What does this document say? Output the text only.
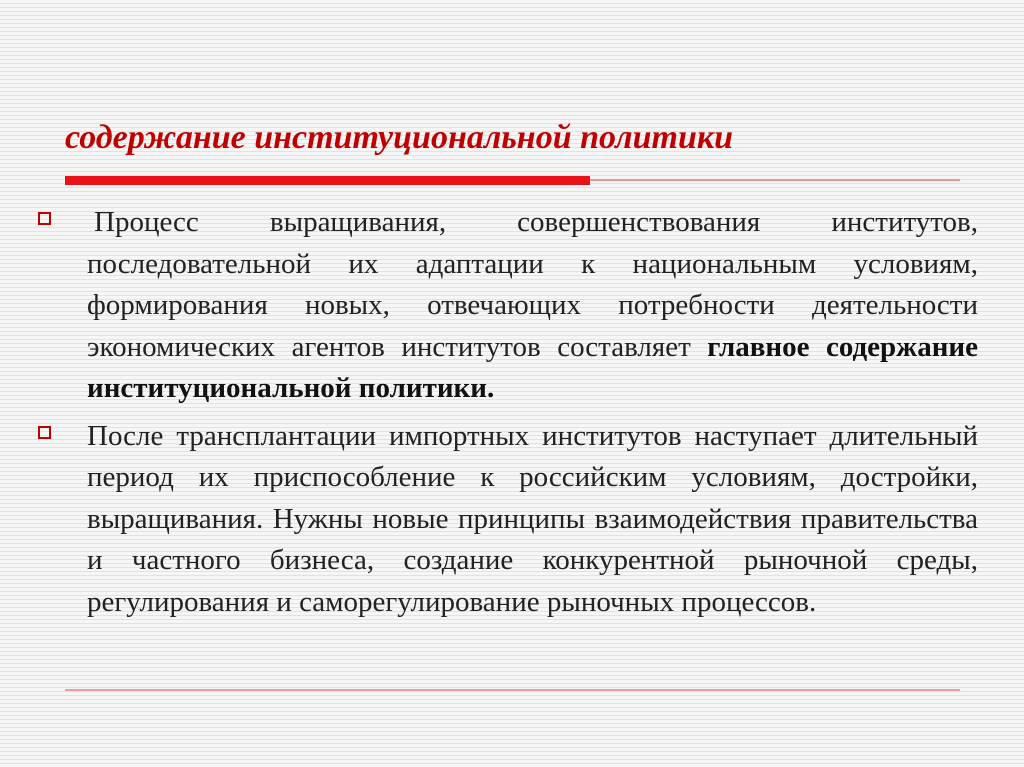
содержание институциональной политики

Процесс выращивания, совершенствования институтов, последовательной их адаптации к национальным условиям, формирования новых, отвечающих потребности деятельности экономических агентов институтов составляет главное содержание институциональной политики.

После трансплантации импортных институтов наступает длительный период их приспособление к российским условиям, достройки, выращивания. Нужны новые принципы взаимодействия правительства и частного бизнеса, создание конкурентной рыночной среды, регулирования и саморегулирование рыночных процессов.
